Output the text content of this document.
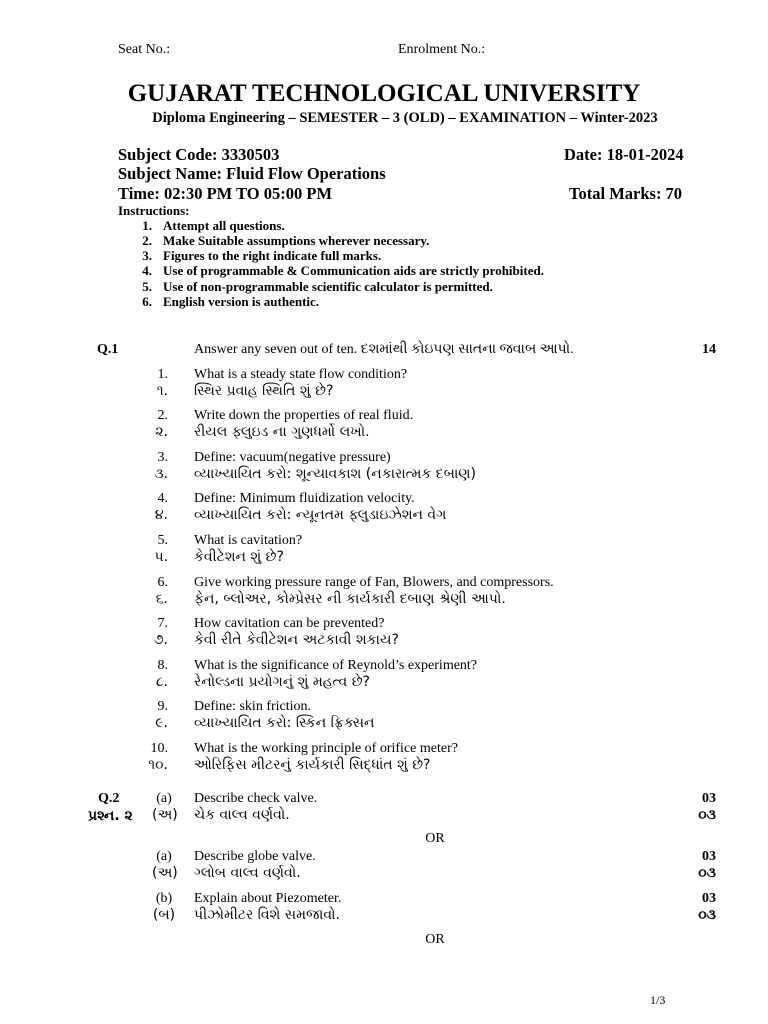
Seat No.:	Enrolment No.:
GUJARAT TECHNOLOGICAL UNIVERSITY
Diploma Engineering – SEMESTER – 3 (OLD) – EXAMINATION – Winter-2023
Subject Code: 3330503	Date: 18-01-2024
Subject Name: Fluid Flow Operations
Time: 02:30 PM TO 05:00 PM	Total Marks: 70
Instructions:
1. Attempt all questions.
2. Make Suitable assumptions wherever necessary.
3. Figures to the right indicate full marks.
4. Use of programmable & Communication aids are strictly prohibited.
5. Use of non-programmable scientific calculator is permitted.
6. English version is authentic.
Q.1	Answer any seven out of ten. દશમાંથી કોઇપણ સાતના જવાબ આપો.	14
1. What is a steady state flow condition?
૧. સ્થિર પ્રવાહ સ્થિતિ શું છે?
2. Write down the properties of real fluid.
૨. રીયલ ફ્લુઇડ ના ગુણધર્મો લખો.
3. Define: vacuum(negative pressure)
૩. વ્યાખ્યાયિત કરો: શૂન્યાવકાશ (નકારાત્મક દબાણ)
4. Define: Minimum fluidization velocity.
૪. વ્યાખ્યાયિત કરો: ન્યૂનતમ ફ્લુડાઇઝેશન વેગ
5. What is cavitation?
પ. કેવીટેશન શું છે?
6. Give working pressure range of Fan, Blowers, and compressors.
૬. ફેન, બ્લોઅર, કોમ્પ્રેસર ની કાર્યકારી દબાણ શ્રેણી આપો.
7. How cavitation can be prevented?
૭. કેવી રીતે કેવીટેશન અટકાવી શકાય?
8. What is the significance of Reynold’s experiment?
૮. રેનોલ્ડના પ્રયોગનું શું મહત્વ છે?
9. Define: skin friction.
૯. વ્યાખ્યાયિત કરો: સ્કિન ફ્રિક્સન
10. What is the working principle of orifice meter?
૧૦. ઓરિફિસ મીટરનું કાર્યકારી સિદ્ધાંત શું છે?
Q.2
પ્રશ્ન. ૨
(a)	Describe check valve.	03
(અ) ચેક વાલ્વ વર્ણવો.	૦૩
OR
(a)	Describe globe valve.	03
(અ) ગ્લોબ વાલ્વ વર્ણવો.	૦૩
(b) Explain about Piezometer.	03
(બ) પીઝોમીટર વિશે સમજાવો.	૦૩
OR
1/3
